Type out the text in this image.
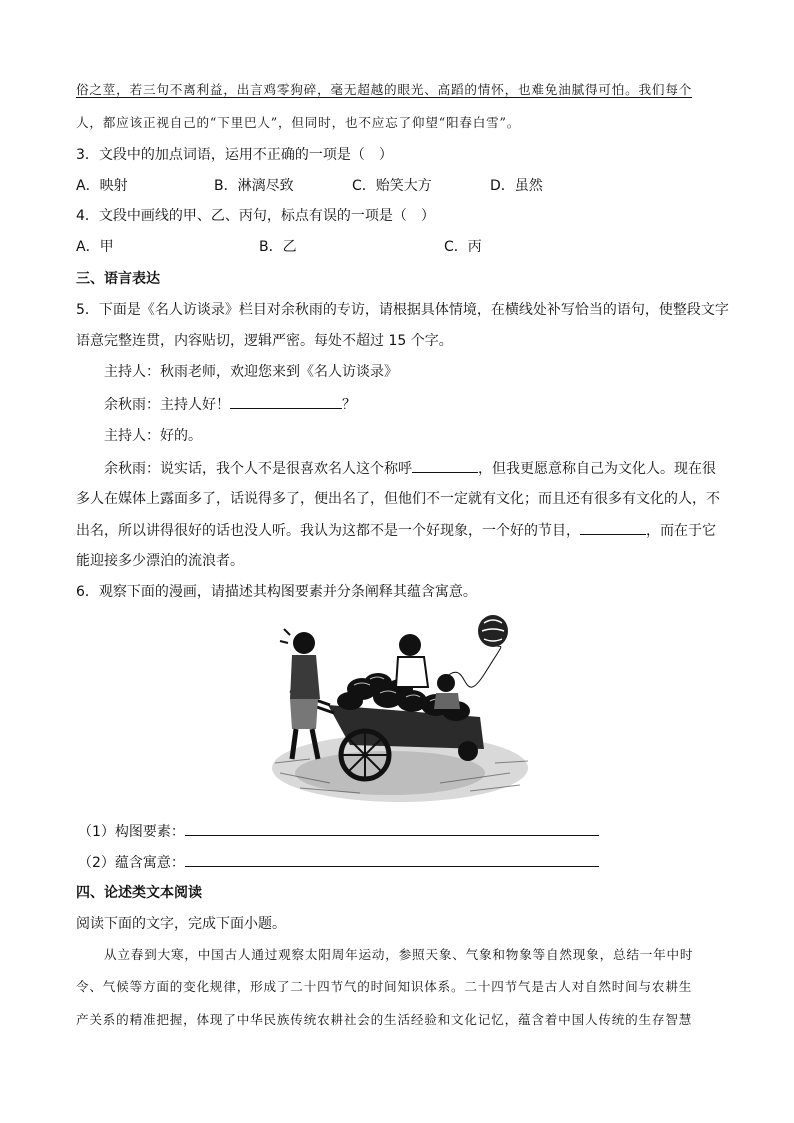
俗之莖，若三句不离利益，出言鸡零狗碎，毫无超越的眼光、高蹈的情怀，也难免油腻得可怕。我们每个
人，都应该正视自己的“下里巴人”，但同时，也不应忘了仰望“阳春白雪”。
3．文段中的加点词语，运用不正确的一项是（　）
A．映射	B．淋漓尽致	C．贻笑大方	D．虽然
4．文段中画线的甲、乙、丙句，标点有误的一项是（　）
A．甲	B．乙	C．丙
三、语言表达
5．下面是《名人访谈录》栏目对余秋雨的专访，请根据具体情境，在横线处补写恰当的语句，使整段文字
语意完整连贯，内容贴切，逻辑严密。每处不超过 15 个字。
主持人：秋雨老师，欢迎您来到《名人访谈录》
余秋雨：主持人好！	？
主持人：好的。
余秋雨：说实话，我个人不是很喜欢名人这个称呼	，但我更愿意称自己为文化人。现在很
多人在媒体上露面多了，话说得多了，便出名了，但他们不一定就有文化；而且还有很多有文化的人，不
出名，所以讲得很好的话也没人听。我认为这都不是一个好现象，一个好的节目，	，而在于它
能迎接多少漂泊的流浪者。
6．观察下面的漫画，请描述其构图要素并分条阐释其蕴含寓意。
（1）构图要素：
（2）蕴含寓意：
四、论述类文本阅读
阅读下面的文字，完成下面小题。
从立春到大寒，中国古人通过观察太阳周年运动，参照天象、气象和物象等自然现象，总结一年中时
令、气候等方面的变化规律，形成了二十四节气的时间知识体系。二十四节气是古人对自然时间与农耕生
产关系的精准把握，体现了中华民族传统农耕社会的生活经验和文化记忆，蕴含着中国人传统的生存智慧
